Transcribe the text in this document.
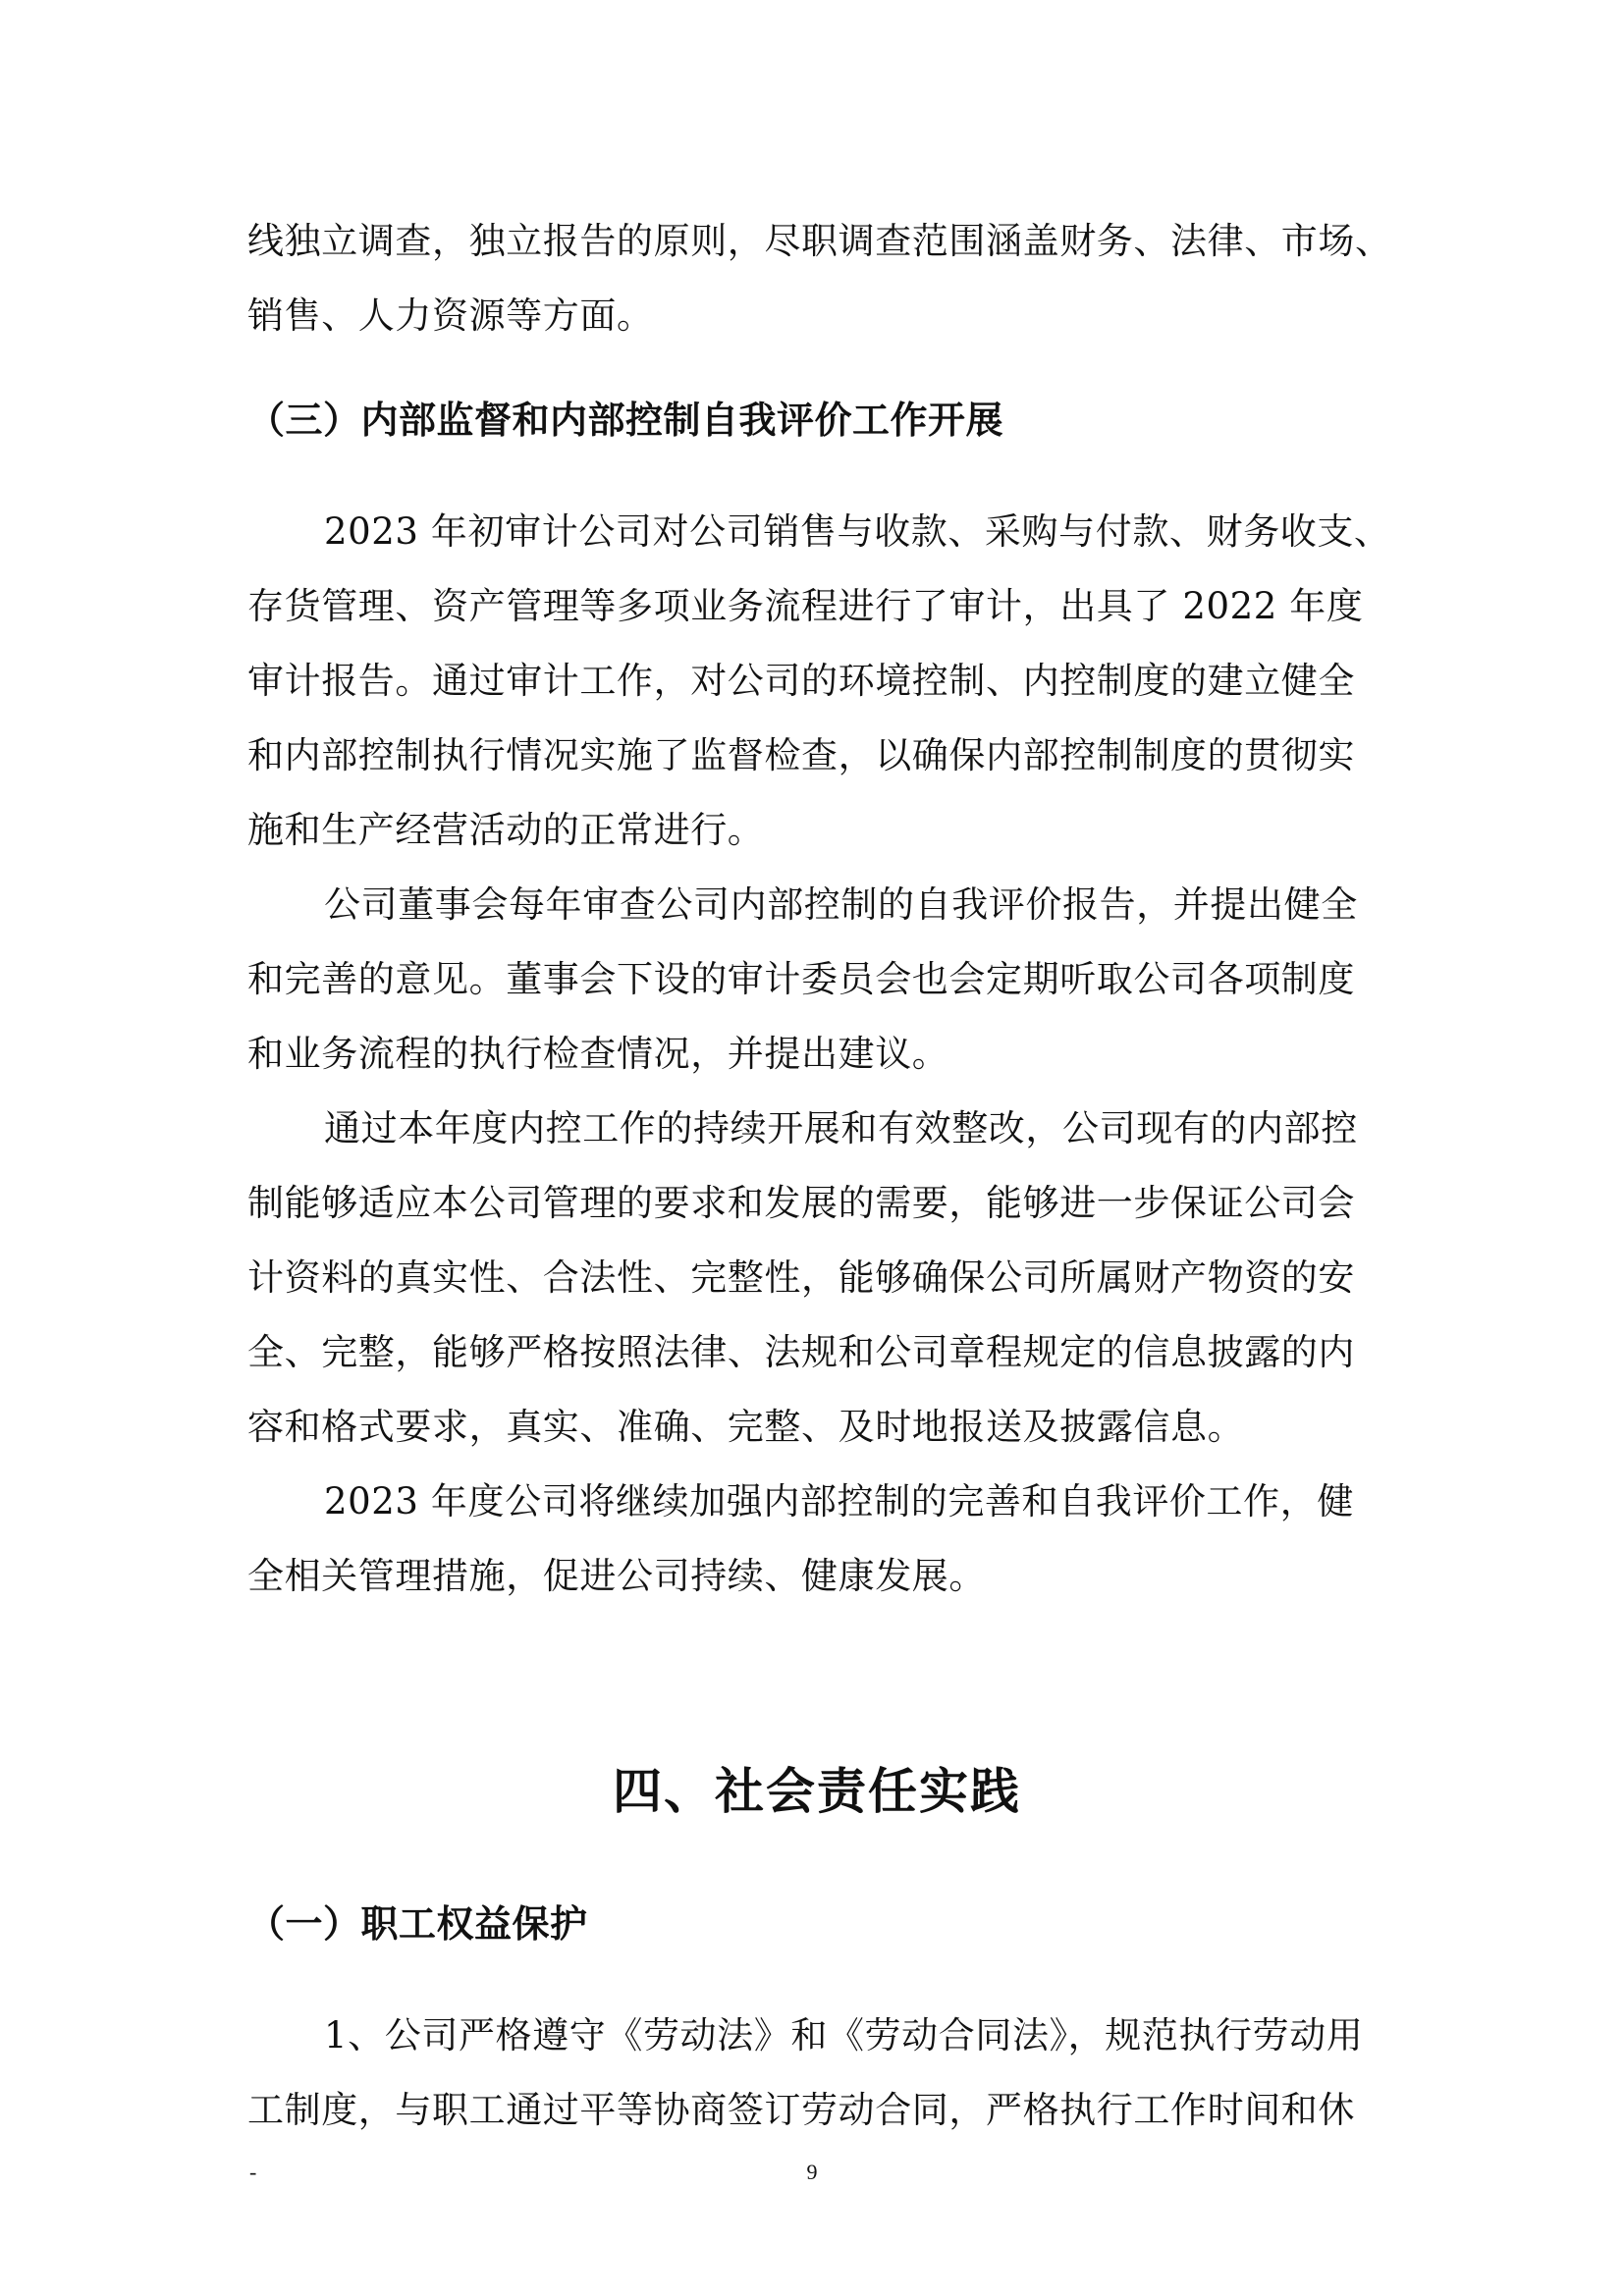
线独立调查，独立报告的原则，尽职调查范围涵盖财务、法律、市场、
销售、人力资源等方面。
（三）内部监督和内部控制自我评价工作开展
2023 年初审计公司对公司销售与收款、采购与付款、财务收支、
存货管理、资产管理等多项业务流程进行了审计，出具了 2022 年度
审计报告。通过审计工作，对公司的环境控制、内控制度的建立健全
和内部控制执行情况实施了监督检查，以确保内部控制制度的贯彻实
施和生产经营活动的正常进行。
公司董事会每年审查公司内部控制的自我评价报告，并提出健全
和完善的意见。董事会下设的审计委员会也会定期听取公司各项制度
和业务流程的执行检查情况，并提出建议。
通过本年度内控工作的持续开展和有效整改，公司现有的内部控
制能够适应本公司管理的要求和发展的需要，能够进一步保证公司会
计资料的真实性、合法性、完整性，能够确保公司所属财产物资的安
全、完整，能够严格按照法律、法规和公司章程规定的信息披露的内
容和格式要求，真实、准确、完整、及时地报送及披露信息。
2023 年度公司将继续加强内部控制的完善和自我评价工作，健
全相关管理措施，促进公司持续、健康发展。
四、社会责任实践
（一）职工权益保护
1、公司严格遵守《劳动法》和《劳动合同法》，规范执行劳动用
工制度，与职工通过平等协商签订劳动合同，严格执行工作时间和休
-	9
